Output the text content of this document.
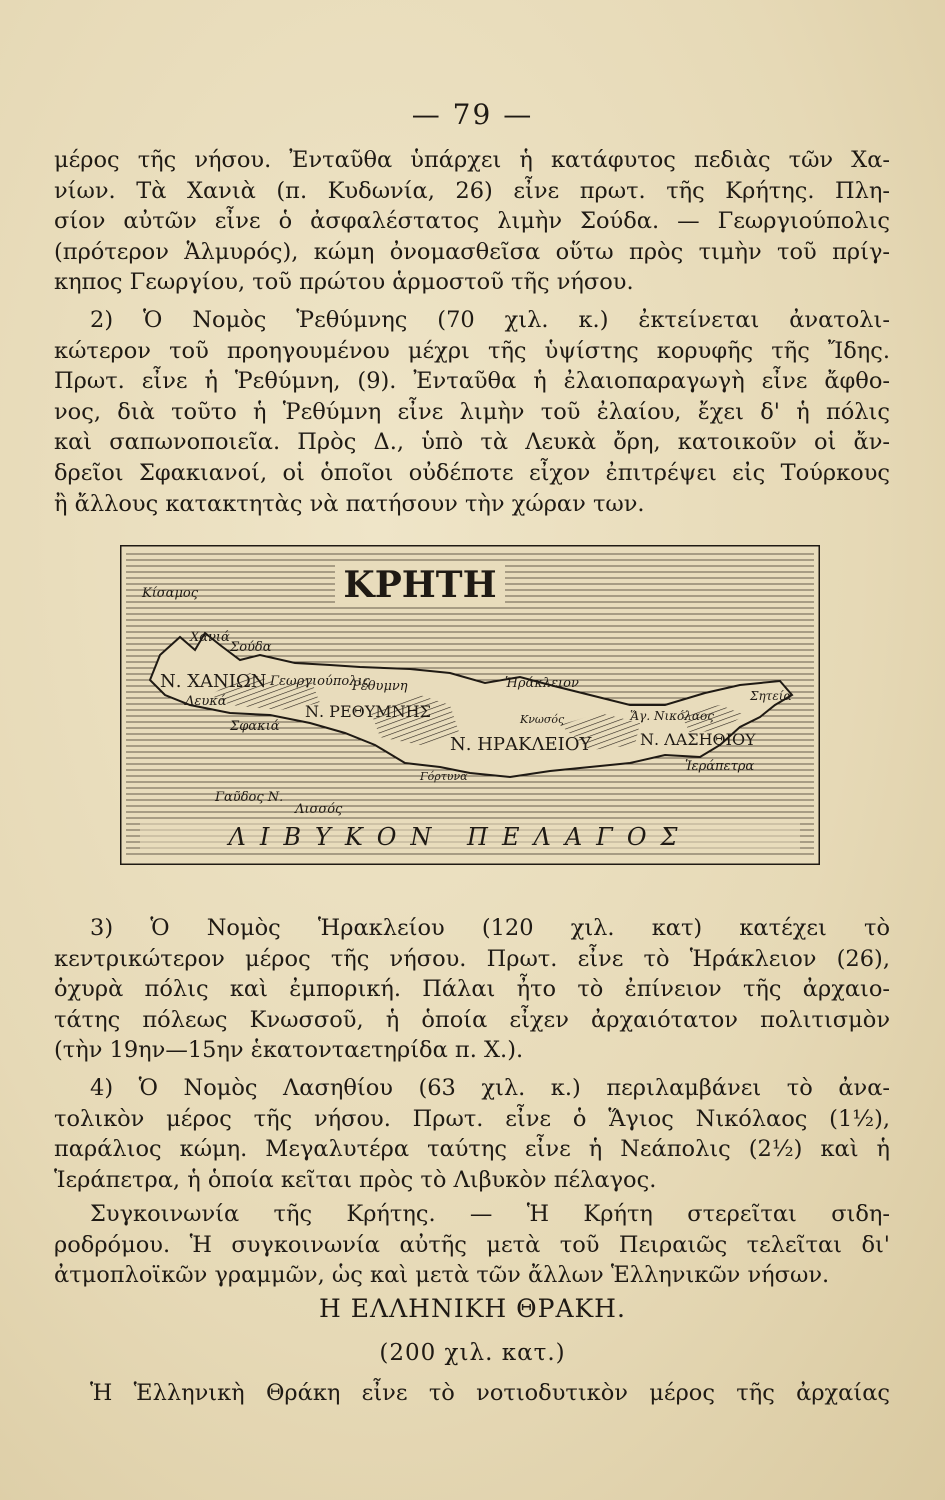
— 79 —

μέρος τῆς νήσου. Ἐνταῦθα ὑπάρχει ἡ κατάφυτος πεδιὰς τῶν Χα-
νίων. Τὰ Χανιὰ (π. Κυδωνία, 26) εἶνε πρωτ. τῆς Κρήτης. Πλη-
σίον αὐτῶν εἶνε ὁ ἀσφαλέστατος λιμὴν Σούδα. — Γεωργιούπολις
(πρότερον Ἁλμυρός), κώμη ὀνομασθεῖσα οὕτω πρὸς τιμὴν τοῦ πρίγ-
κηπος Γεωργίου, τοῦ πρώτου ἁρμοστοῦ τῆς νήσου.

2) Ὁ Νομὸς Ῥεθύμνης (70 χιλ. κ.) ἐκτείνεται ἀνατολι-
κώτερον τοῦ προηγουμένου μέχρι τῆς ὑψίστης κορυφῆς τῆς Ἴδης.
Πρωτ. εἶνε ἡ Ῥεθύμνη, (9). Ἐνταῦθα ἡ ἐλαιοπαραγωγὴ εἶνε ἄφθο-
νος, διὰ τοῦτο ἡ Ῥεθύμνη εἶνε λιμὴν τοῦ ἐλαίου, ἔχει δ' ἡ πόλις
καὶ σαπωνοποιεῖα. Πρὸς Δ., ὑπὸ τὰ Λευκὰ ὄρη, κατοικοῦν οἱ ἄν-
δρεῖοι Σφακιανοί, οἱ ὁποῖοι οὐδέποτε εἶχον ἐπιτρέψει εἰς Τούρκους
ἢ ἄλλους κατακτητὰς νὰ πατήσουν τὴν χώραν των.

ΚΡΗΤΗ
Κίσαμος
Χανιά
Σούδα
Ν. ΧΑΝΙΩΝ
Λευκά
Γεωργιούπολις
Σφακιά
Ρέθυμνη
Ν. ΡΕΘΥΜΝΗΣ
Ἡράκλειον
Κνωσός
Ν. ΗΡΑΚΛΕΙΟΥ
Ἅγ. Νικόλαος
Ν. ΛΑΣΗΘΙΟΥ
Σητεία
Ἱεράπετρα
Γόρτυνα
Γαῦδος Ν.
Λισσός
ΛΙΒΥΚΟΝ ΠΕΛΑΓΟΣ

3) Ὁ Νομὸς Ἡρακλείου (120 χιλ. κατ) κατέχει τὸ
κεντρικώτερον μέρος τῆς νήσου. Πρωτ. εἶνε τὸ Ἡράκλειον (26),
ὀχυρὰ πόλις καὶ ἐμπορική. Πάλαι ἦτο τὸ ἐπίνειον τῆς ἀρχαιο-
τάτης πόλεως Κνωσσοῦ, ἡ ὁποία εἶχεν ἀρχαιότατον πολιτισμὸν
(τὴν 19ην—15ην ἑκατονταετηρίδα π. Χ.).

4) Ὁ Νομὸς Λασηθίου (63 χιλ. κ.) περιλαμβάνει τὸ ἀνα-
τολικὸν μέρος τῆς νήσου. Πρωτ. εἶνε ὁ Ἅγιος Νικόλαος (1½),
παράλιος κώμη. Μεγαλυτέρα ταύτης εἶνε ἡ Νεάπολις (2½) καὶ ἡ
Ἱεράπετρα, ἡ ὁποία κεῖται πρὸς τὸ Λιβυκὸν πέλαγος.

Συγκοινωνία τῆς Κρήτης. — Ἡ Κρήτη στερεῖται σιδη-
ροδρόμου. Ἡ συγκοινωνία αὐτῆς μετὰ τοῦ Πειραιῶς τελεῖται δι'
ἀτμοπλοϊκῶν γραμμῶν, ὡς καὶ μετὰ τῶν ἄλλων Ἑλληνικῶν νήσων.

Η ΕΛΛΗΝΙΚΗ ΘΡΑΚΗ.
(200 χιλ. κατ.)

Ἡ Ἑλληνικὴ Θράκη εἶνε τὸ νοτιοδυτικὸν μέρος τῆς ἀρχαίας
